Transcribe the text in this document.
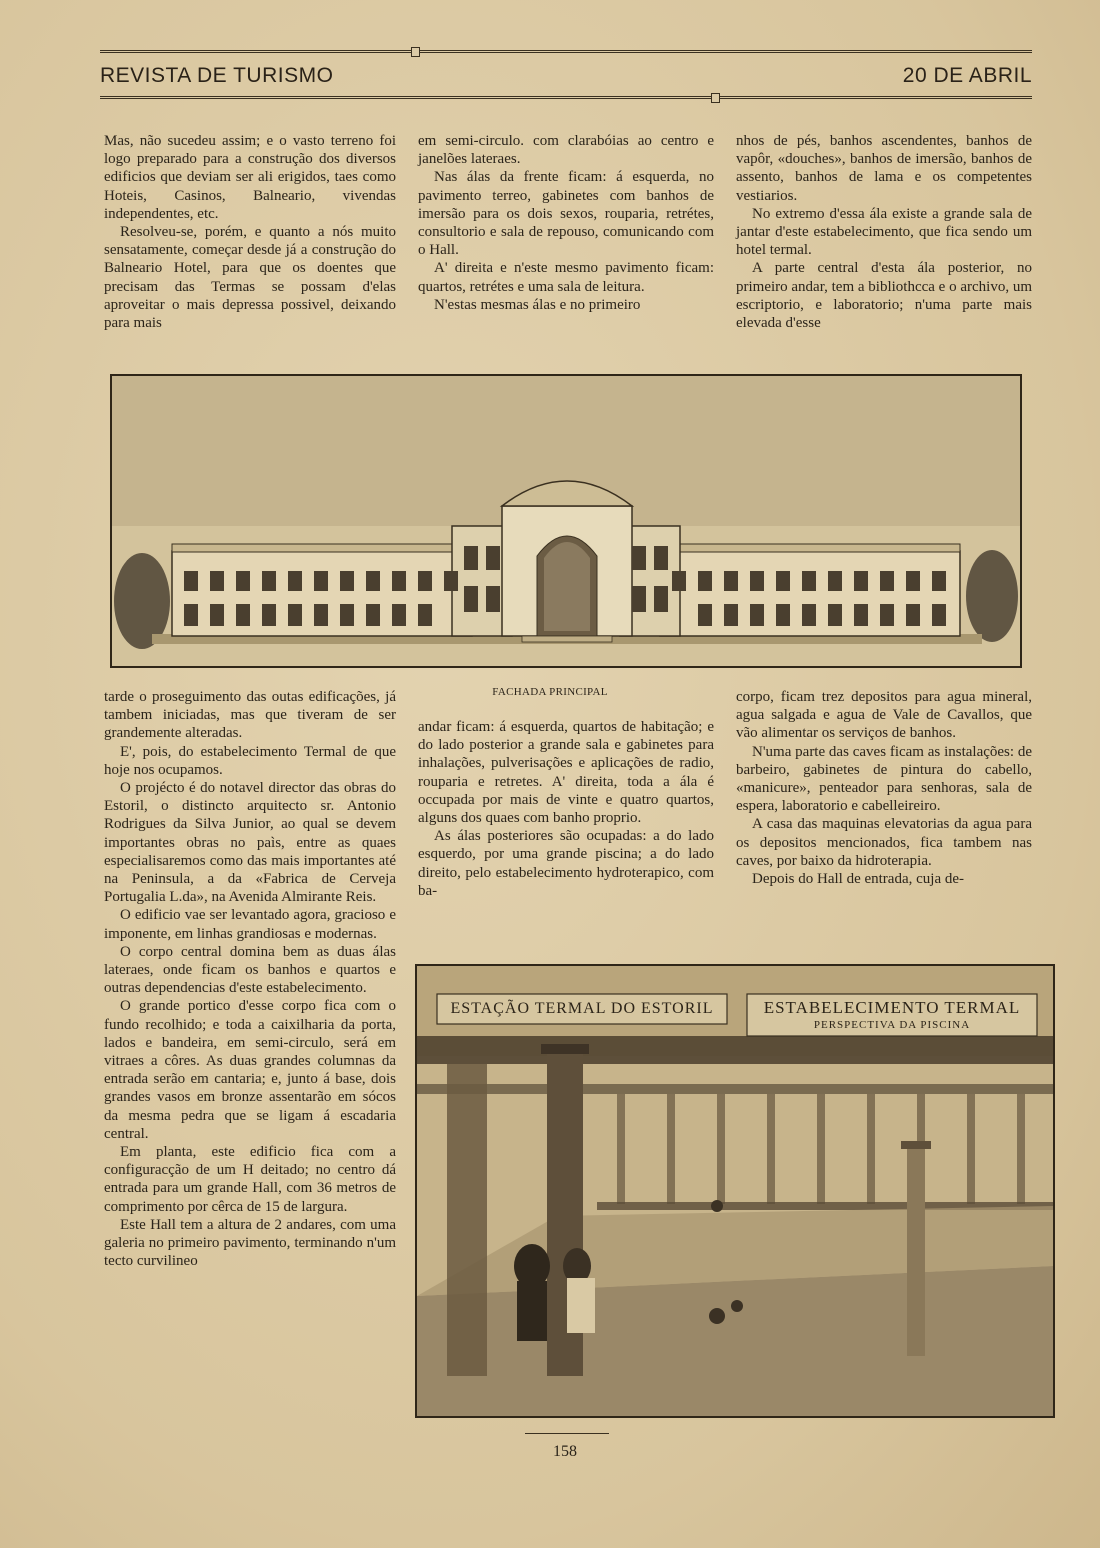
REVISTA DE TURISMO	20 DE ABRIL

Mas, não sucedeu assim; e o vasto terreno foi logo preparado para a construção dos diversos edificios que deviam ser ali erigidos, taes como Hoteis, Casinos, Balneario, vivendas independentes, etc.

Resolveu-se, porém, e quanto a nós muito sensatamente, começar desde já a construção do Balneario Hotel, para que os doentes que precisam das Termas se possam d'elas aproveitar o mais depressa possivel, deixando para mais

em semi-circulo. com clarabóias ao centro e janelões lateraes.

Nas álas da frente ficam: á esquerda, no pavimento terreo, gabinetes com banhos de imersão para os dois sexos, rouparia, retrétes, consultorio e sala de repouso, comunicando com o Hall.

A' direita e n'este mesmo pavimento ficam: quartos, retrétes e uma sala de leitura.

N'estas mesmas álas e no primeiro

nhos de pés, banhos ascendentes, banhos de vapôr, «douches», banhos de imersão, banhos de assento, banhos de lama e os competentes vestiarios.

No extremo d'essa ála existe a grande sala de jantar d'este estabelecimento, que fica sendo um hotel termal.

A parte central d'esta ála posterior, no primeiro andar, tem a bibliothcca e o archivo, um escriptorio, e laboratorio; n'uma parte mais elevada d'esse

FACHADA PRINCIPAL

tarde o proseguimento das outas edificações, já tambem iniciadas, mas que tiveram de ser grandemente alteradas.

E', pois, do estabelecimento Termal de que hoje nos ocupamos.

O projécto é do notavel director das obras do Estoril, o distincto arquitecto sr. Antonio Rodrigues da Silva Junior, ao qual se devem importantes obras no paìs, entre as quaes especialisaremos como das mais importantes até na Peninsula, a da «Fabrica de Cerveja Portugalia L.da», na Avenida Almirante Reis.

O edificio vae ser levantado agora, gracioso e imponente, em linhas grandiosas e modernas.

O corpo central domina bem as duas álas lateraes, onde ficam os banhos e quartos e outras dependencias d'este estabelecimento.

O grande portico d'esse corpo fica com o fundo recolhido; e toda a caixilharia da porta, lados e bandeira, em semi-circulo, será em vitraes a côres. As duas grandes columnas da entrada serão em cantaria; e, junto á base, dois grandes vasos em bronze assentarão em sócos da mesma pedra que se ligam á escadaria central.

Em planta, este edificio fica com a configuracção de um H deitado; no centro dá entrada para um grande Hall, com 36 metros de comprimento por cêrca de 15 de largura.

Este Hall tem a altura de 2 andares, com uma galeria no primeiro pavimento, terminando n'um tecto curvilineo

andar ficam: á esquerda, quartos de habitação; e do lado posterior a grande sala e gabinetes para inhalações, pulverisações e aplicações de radio, rouparia e retretes. A' direita, toda a ála é occupada por mais de vinte e quatro quartos, alguns dos quaes com banho proprio.

As álas posteriores são ocupadas: a do lado esquerdo, por uma grande piscina; a do lado direito, pelo estabelecimento hydroterapico, com ba-

corpo, ficam trez depositos para agua mineral, agua salgada e agua de Vale de Cavallos, que vão alimentar os serviços de banhos.

N'uma parte das caves ficam as instalações: de barbeiro, gabinetes de pintura do cabello, «manicure», penteador para senhoras, sala de espera, laboratorio e cabelleireiro.

A casa das maquinas elevatorias da agua para os depositos mencionados, fica tambem nas caves, por baixo da hidroterapia.

Depois do Hall de entrada, cuja de-

ESTAÇÃO TERMAL DO ESTORIL	ESTABELECIMENTO TERMAL
PERSPECTIVA DA PISCINA
158
